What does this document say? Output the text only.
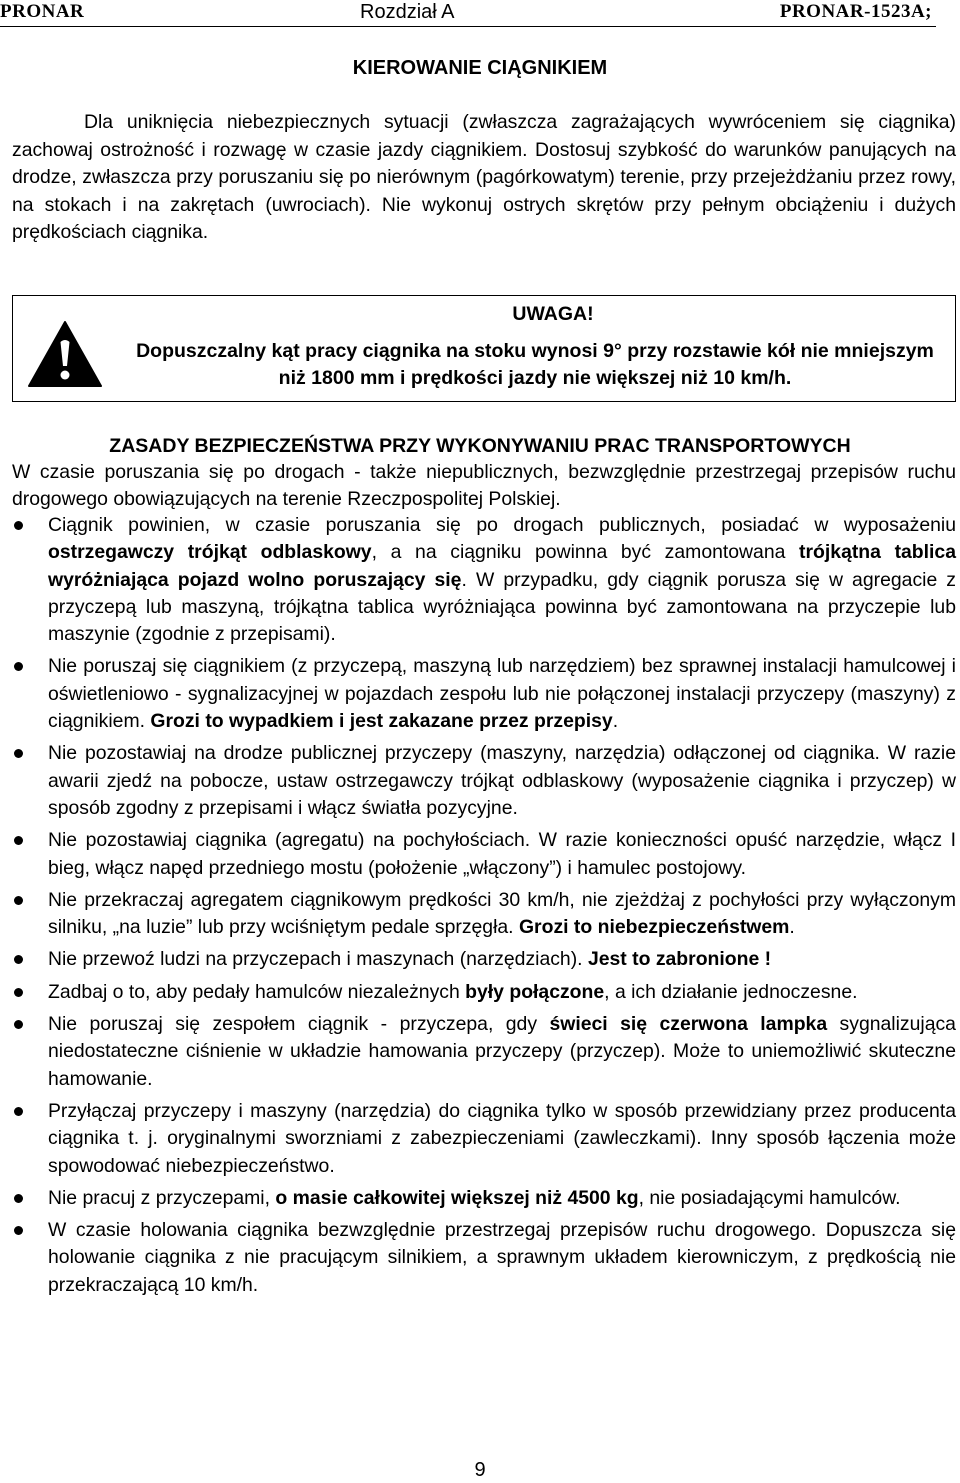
PRONAR	Rozdział A	PRONAR-1523A;
KIEROWANIE CIĄGNIKIEM
Dla uniknięcia niebezpiecznych sytuacji (zwłaszcza zagrażających wywróceniem się ciągnika) zachowaj ostrożność i rozwagę w czasie jazdy ciągnikiem. Dostosuj szybkość do warunków panujących na drodze, zwłaszcza przy poruszaniu się po nierównym (pagórkowatym) terenie, przy przejeżdżaniu przez rowy, na stokach i na zakrętach (uwrociach). Nie wykonuj ostrych skrętów przy pełnym obciążeniu i dużych prędkościach ciągnika.
UWAGA!
Dopuszczalny kąt pracy ciągnika na stoku wynosi 9° przy rozstawie kół nie mniejszym niż 1800 mm i prędkości jazdy nie większej niż 10 km/h.
ZASADY BEZPIECZEŃSTWA PRZY WYKONYWANIU PRAC TRANSPORTOWYCH
W czasie poruszania się po drogach - także niepublicznych, bezwzględnie przestrzegaj przepisów ruchu drogowego obowiązujących na terenie Rzeczpospolitej Polskiej.
Ciągnik powinien, w czasie poruszania się po drogach publicznych, posiadać w wyposażeniu ostrzegawczy trójkąt odblaskowy, a na ciągniku powinna być zamontowana trójkątna tablica wyróżniająca pojazd wolno poruszający się. W przypadku, gdy ciągnik porusza się w agregacie z przyczepą lub maszyną, trójkątna tablica wyróżniająca powinna być zamontowana na przyczepie lub maszynie (zgodnie z przepisami).
Nie poruszaj się ciągnikiem (z przyczepą, maszyną lub narzędziem) bez sprawnej instalacji hamulcowej i oświetleniowo - sygnalizacyjnej w pojazdach zespołu lub nie połączonej instalacji przyczepy (maszyny) z ciągnikiem. Grozi to wypadkiem i jest zakazane przez przepisy.
Nie pozostawiaj na drodze publicznej przyczepy (maszyny, narzędzia) odłączonej od ciągnika. W razie awarii zjedź na pobocze, ustaw ostrzegawczy trójkąt odblaskowy (wyposażenie ciągnika i przyczep) w sposób zgodny z przepisami i włącz światła pozycyjne.
Nie pozostawiaj ciągnika (agregatu) na pochyłościach. W razie konieczności opuść narzędzie, włącz I bieg, włącz napęd przedniego mostu (położenie „włączony”) i hamulec postojowy.
Nie przekraczaj agregatem ciągnikowym prędkości 30 km/h, nie zjeżdżaj z pochyłości przy wyłączonym silniku, „na luzie” lub przy wciśniętym pedale sprzęgła. Grozi to niebezpieczeństwem.
Nie przewoź ludzi na przyczepach i maszynach (narzędziach). Jest to zabronione !
Zadbaj o to, aby pedały hamulców niezależnych były połączone, a ich działanie jednoczesne.
Nie poruszaj się zespołem ciągnik - przyczepa, gdy świeci się czerwona lampka sygnalizująca niedostateczne ciśnienie w układzie hamowania przyczepy (przyczep). Może to uniemożliwić skuteczne hamowanie.
Przyłączaj przyczepy i maszyny (narzędzia) do ciągnika tylko w sposób przewidziany przez producenta ciągnika t. j. oryginalnymi sworzniami z zabezpieczeniami (zawleczkami). Inny sposób łączenia może spowodować niebezpieczeństwo.
Nie pracuj z przyczepami, o masie całkowitej większej niż 4500 kg, nie posiadającymi hamulców.
W czasie holowania ciągnika bezwzględnie przestrzegaj przepisów ruchu drogowego. Dopuszcza się holowanie ciągnika z nie pracującym silnikiem, a sprawnym układem kierowniczym, z prędkością nie przekraczającą 10 km/h.
9
